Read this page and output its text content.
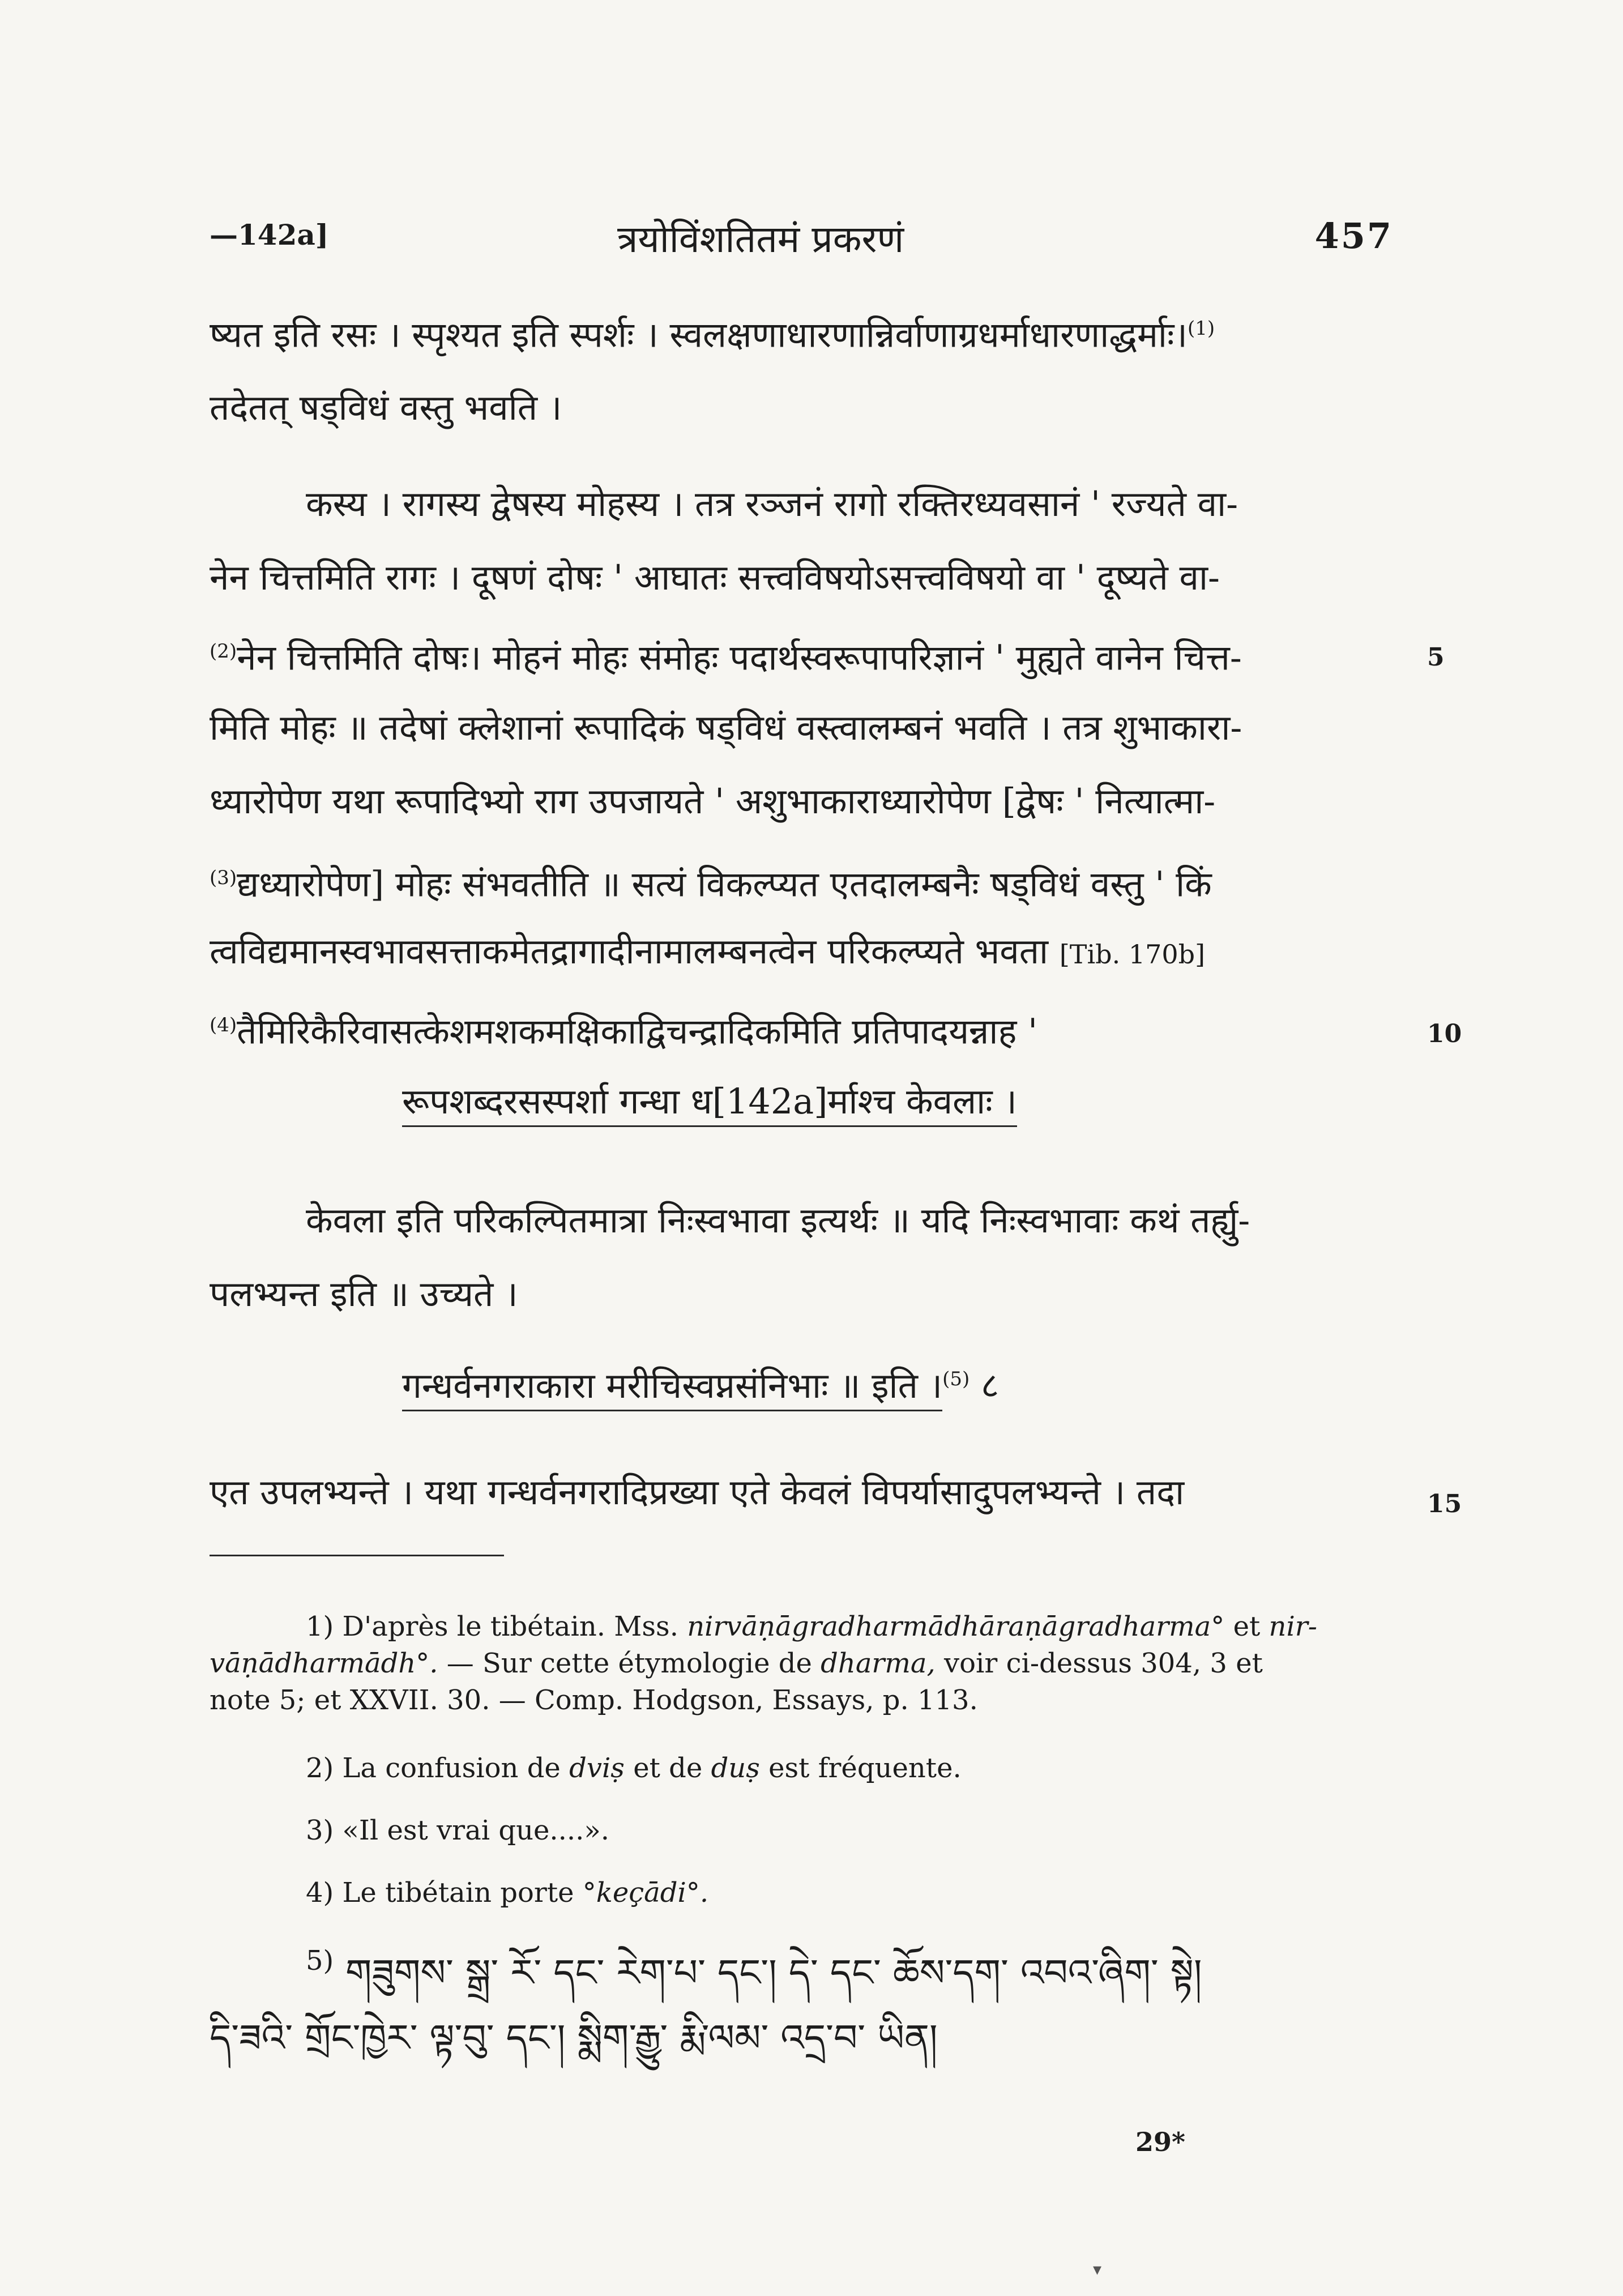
—142a]	त्रयोविंशतितमं प्रकरणं	457
ष्यत इति रसः । स्पृश्यत इति स्पर्शः । स्वलक्षणाधारणान्निर्वाणाग्रधर्माधारणाद्धर्माः।$^{(1)}$
तदेतत् षड्विधं वस्तु भवति ।
कस्य । रागस्य द्वेषस्य मोहस्य । तत्र रञ्जनं रागो रक्तिरध्यवसानं ' रज्यते वा-
नेन चित्तमिति रागः । दूषणं दोषः ' आघातः सत्त्वविषयोऽसत्त्वविषयो वा ' दूष्यते वा-
$^{(2)}$नेन चित्तमिति दोषः। मोहनं मोहः संमोहः पदार्थस्वरूपापरिज्ञानं ' मुह्यते वानेन चित्त-	5
मिति मोहः ॥ तदेषां क्लेशानां रूपादिकं षड्विधं वस्त्वालम्बनं भवति । तत्र शुभाकारा-
ध्यारोपेण यथा रूपादिभ्यो राग उपजायते ' अशुभाकाराध्यारोपेण [द्वेषः ' नित्यात्मा-
$^{(3)}$द्यध्यारोपेण] मोहः संभवतीति ॥ सत्यं विकल्प्यत एतदालम्बनैः षड्विधं वस्तु ' किं
त्वविद्यमानस्वभावसत्ताकमेतद्रागादीनामालम्बनत्वेन परिकल्प्यते भवता [Tib. 170b]
$^{(4)}$तैमिरिकैरिवासत्केशमशकमक्षिकाद्विचन्द्रादिकमिति प्रतिपादयन्नाह '	10
रूपशब्दरसस्पर्शा गन्धा ध[142a]र्माश्च केवलाः ।
केवला इति परिकल्पितमात्रा निःस्वभावा इत्यर्थः ॥ यदि निःस्वभावाः कथं तर्ह्यु-
पलभ्यन्त इति ॥ उच्यते ।
गन्धर्वनगराकारा मरीचिस्वप्नसंनिभाः ॥ इति ।$^{(5)}$ ८
एत उपलभ्यन्ते । यथा गन्धर्वनगरादिप्रख्या एते केवलं विपर्यासादुपलभ्यन्ते । तदा	15
1) D'après le tibétain. Mss. nirvāṇāgradharmādhāraṇāgradharma° et nir-
vāṇādharmādh°. — Sur cette étymologie de dharma, voir ci-dessus 304, 3 et
note 5; et XXVII. 30. — Comp. Hodgson, Essays, p. 113.
2) La confusion de dviṣ et de duṣ est fréquente.
3) «Il est vrai que....».
4) Le tibétain porte °keçādi°.
5) གཟུགས་ སྒྲ་ རོ་ དང་ རེག་པ་ དང་། དེ་ དང་ ཆོས་དག་ འབའ་ཞིག་ སྟེ།
དི་ཟའི་ གྲོང་ཁྱེར་ ལྟ་བུ་ དང་། སྨིག་རྒྱུ་ རྨི་ལམ་ འདྲ་བ་ ཡིན།
29*
▾
